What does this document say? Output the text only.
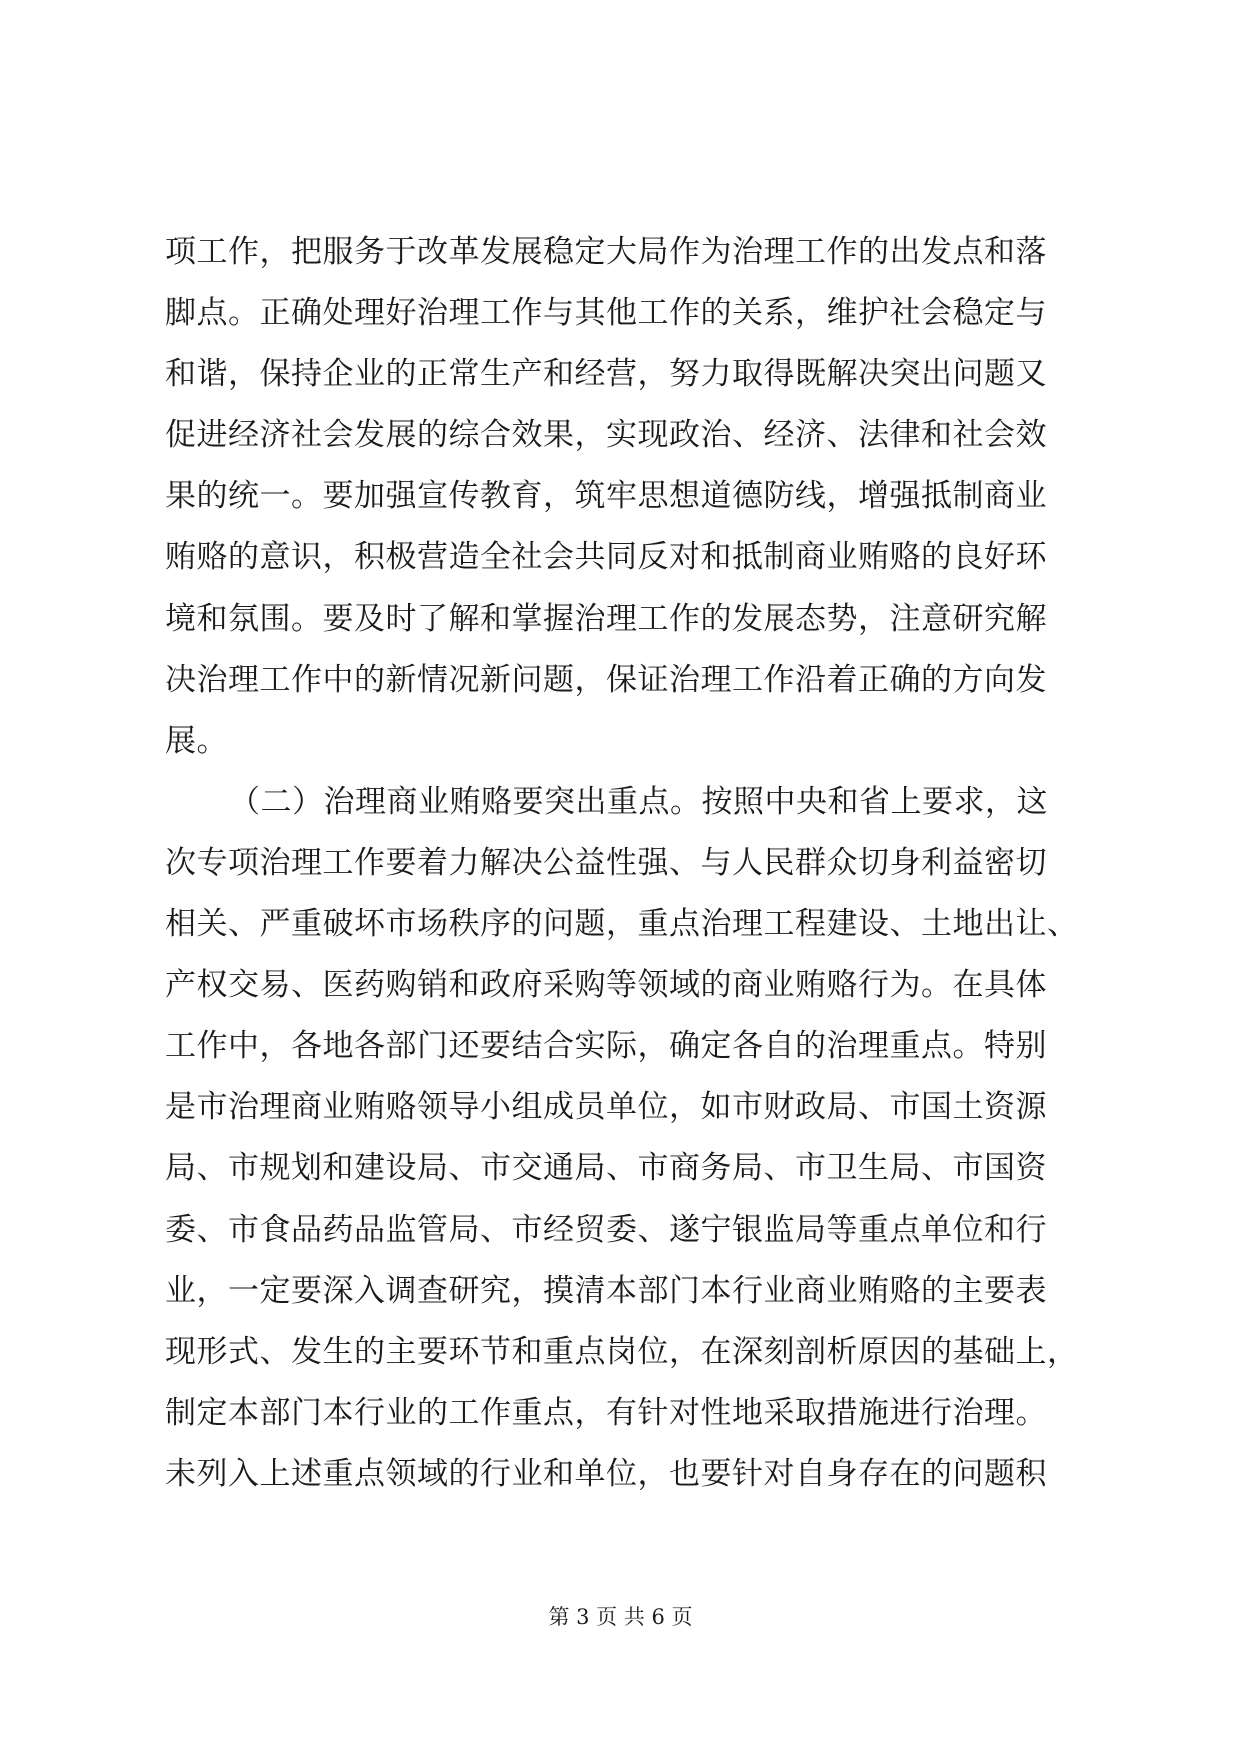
项工作，把服务于改革发展稳定大局作为治理工作的出发点和落
脚点。正确处理好治理工作与其他工作的关系，维护社会稳定与
和谐，保持企业的正常生产和经营，努力取得既解决突出问题又
促进经济社会发展的综合效果，实现政治、经济、法律和社会效
果的统一。要加强宣传教育，筑牢思想道德防线，增强抵制商业
贿赂的意识，积极营造全社会共同反对和抵制商业贿赂的良好环
境和氛围。要及时了解和掌握治理工作的发展态势，注意研究解
决治理工作中的新情况新问题，保证治理工作沿着正确的方向发
展。
（二）治理商业贿赂要突出重点。按照中央和省上要求，这
次专项治理工作要着力解决公益性强、与人民群众切身利益密切
相关、严重破坏市场秩序的问题，重点治理工程建设、土地出让、
产权交易、医药购销和政府采购等领域的商业贿赂行为。在具体
工作中，各地各部门还要结合实际，确定各自的治理重点。特别
是市治理商业贿赂领导小组成员单位，如市财政局、市国土资源
局、市规划和建设局、市交通局、市商务局、市卫生局、市国资
委、市食品药品监管局、市经贸委、遂宁银监局等重点单位和行
业，一定要深入调查研究，摸清本部门本行业商业贿赂的主要表
现形式、发生的主要环节和重点岗位，在深刻剖析原因的基础上，
制定本部门本行业的工作重点，有针对性地采取措施进行治理。
未列入上述重点领域的行业和单位，也要针对自身存在的问题积
第 3 页 共 6 页
